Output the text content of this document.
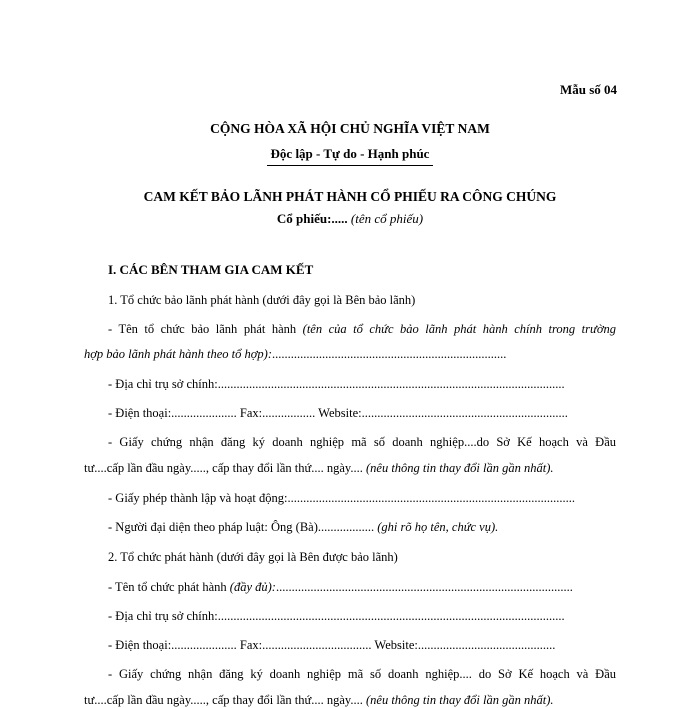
Mẫu số 04
CỘNG HÒA XÃ HỘI CHỦ NGHĨA VIỆT NAM
Độc lập - Tự do - Hạnh phúc
CAM KẾT BẢO LÃNH PHÁT HÀNH CỔ PHIẾU RA CÔNG CHÚNG
Cổ phiếu:..... (tên cổ phiếu)
I. CÁC BÊN THAM GIA CAM KẾT
1. Tổ chức bảo lãnh phát hành (dưới đây gọi là Bên bảo lãnh)
- Tên tổ chức bảo lãnh phát hành (tên của tổ chức bảo lãnh phát hành chính trong trường
hợp bảo lãnh phát hành theo tổ hợp):...........................................................................
- Địa chỉ trụ sở chính:...............................................................................................................
- Điện thoại:..................... Fax:................. Website:..................................................................
- Giấy chứng nhận đăng ký doanh nghiệp mã số doanh nghiệp....do Sở Kế hoạch và Đầu
tư....cấp lần đầu ngày....., cấp thay đổi lần thứ.... ngày.... (nêu thông tin thay đổi lần gần nhất).
- Giấy phép thành lập và hoạt động:............................................................................................
- Người đại diện theo pháp luật: Ông (Bà).................. (ghi rõ họ tên, chức vụ).
2. Tổ chức phát hành (dưới đây gọi là Bên được bảo lãnh)
- Tên tổ chức phát hành (đầy đủ):...............................................................................................
- Địa chỉ trụ sở chính:...............................................................................................................
- Điện thoại:..................... Fax:................................... Website:............................................
- Giấy chứng nhận đăng ký doanh nghiệp mã số doanh nghiệp.... do Sở Kế hoạch và Đầu
tư....cấp lần đầu ngày....., cấp thay đổi lần thứ.... ngày.... (nêu thông tin thay đổi lần gần nhất).
